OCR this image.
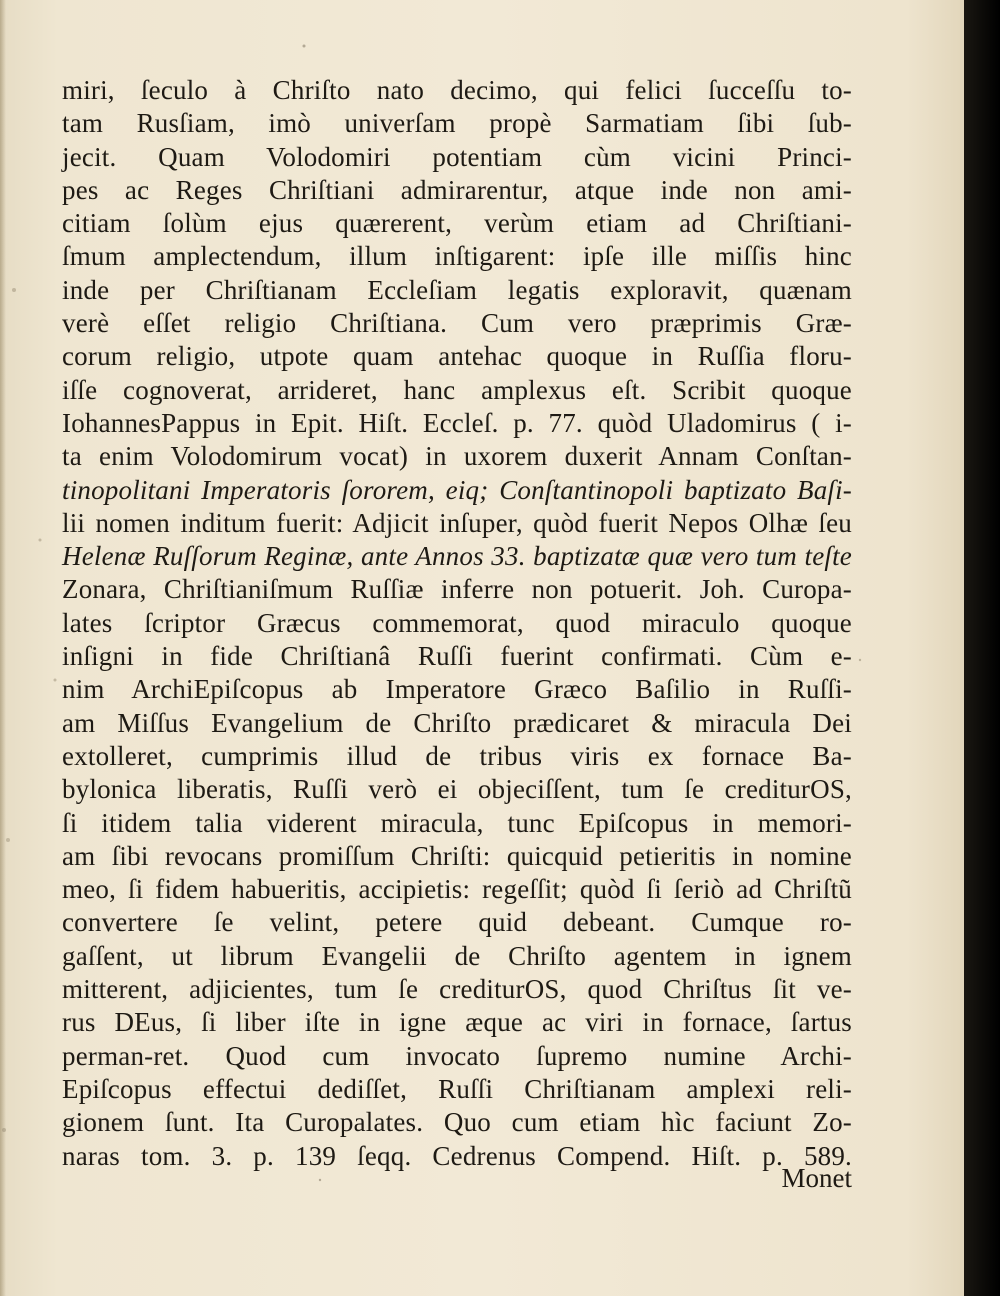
miri, ſeculo à Chriſto nato decimo, qui felici ſucceſſu to-
tam Rusſiam, imò univerſam propè Sarmatiam ſibi ſub-
jecit. Quam Volodomiri potentiam cùm vicini Princi-
pes ac Reges Chriſtiani admirarentur, atque inde non ami-
citiam ſolùm ejus quærerent, verùm etiam ad Chriſtiani-
ſmum amplectendum, illum inſtigarent: ipſe ille miſſis hinc
inde per Chriſtianam Eccleſiam legatis exploravit, quænam
verè eſſet religio Chriſtiana. Cum vero præprimis Græ-
corum religio, utpote quam antehac quoque in Ruſſia floru-
iſſe cognoverat, arrideret, hanc amplexus eſt. Scribit quoque
IohannesPappus in Epit. Hiſt. Eccleſ. p. 77. quòd Uladomirus ( i-
ta enim Volodomirum vocat) in uxorem duxerit Annam Conſtan-
tinopolitani Imperatoris ſororem, eiq; Conſtantinopoli baptizato Baſi-
lii nomen inditum fuerit: Adjicit inſuper, quòd fuerit Nepos Olhæ ſeu
Helenæ Ruſſorum Reginæ, ante Annos 33. baptizatæ quæ vero tum teſte
Zonara, Chriſtianiſmum Ruſſiæ inferre non potuerit. Joh. Curopa-
lates ſcriptor Græcus commemorat, quod miraculo quoque
inſigni in fide Chriſtianâ Ruſſi fuerint confirmati. Cùm e-
nim ArchiEpiſcopus ab Imperatore Græco Baſilio in Ruſſi-
am Miſſus Evangelium de Chriſto prædicaret & miracula Dei
extolleret, cumprimis illud de tribus viris ex fornace Ba-
bylonica liberatis, Ruſſi verò ei objeciſſent, tum ſe crediturOS,
ſi itidem talia viderent miracula, tunc Epiſcopus in memori-
am ſibi revocans promiſſum Chriſti: quicquid petieritis in nomine
meo, ſi fidem habueritis, accipietis: regeſſit; quòd ſi ſeriò ad Chriſtũ
convertere ſe velint, petere quid debeant. Cumque ro-
gaſſent, ut librum Evangelii de Chriſto agentem in ignem
mitterent, adjicientes, tum ſe crediturOS, quod Chriſtus ſit ve-
rus DEus, ſi liber iſte in igne æque ac viri in fornace, ſartus
perman-ret. Quod cum invocato ſupremo numine Archi-
Epiſcopus effectui dediſſet, Ruſſi Chriſtianam amplexi reli-
gionem ſunt. Ita Curopalates. Quo cum etiam hìc faciunt Zo-
naras tom. 3. p. 139 ſeqq. Cedrenus Compend. Hiſt. p. 589.
Monet
